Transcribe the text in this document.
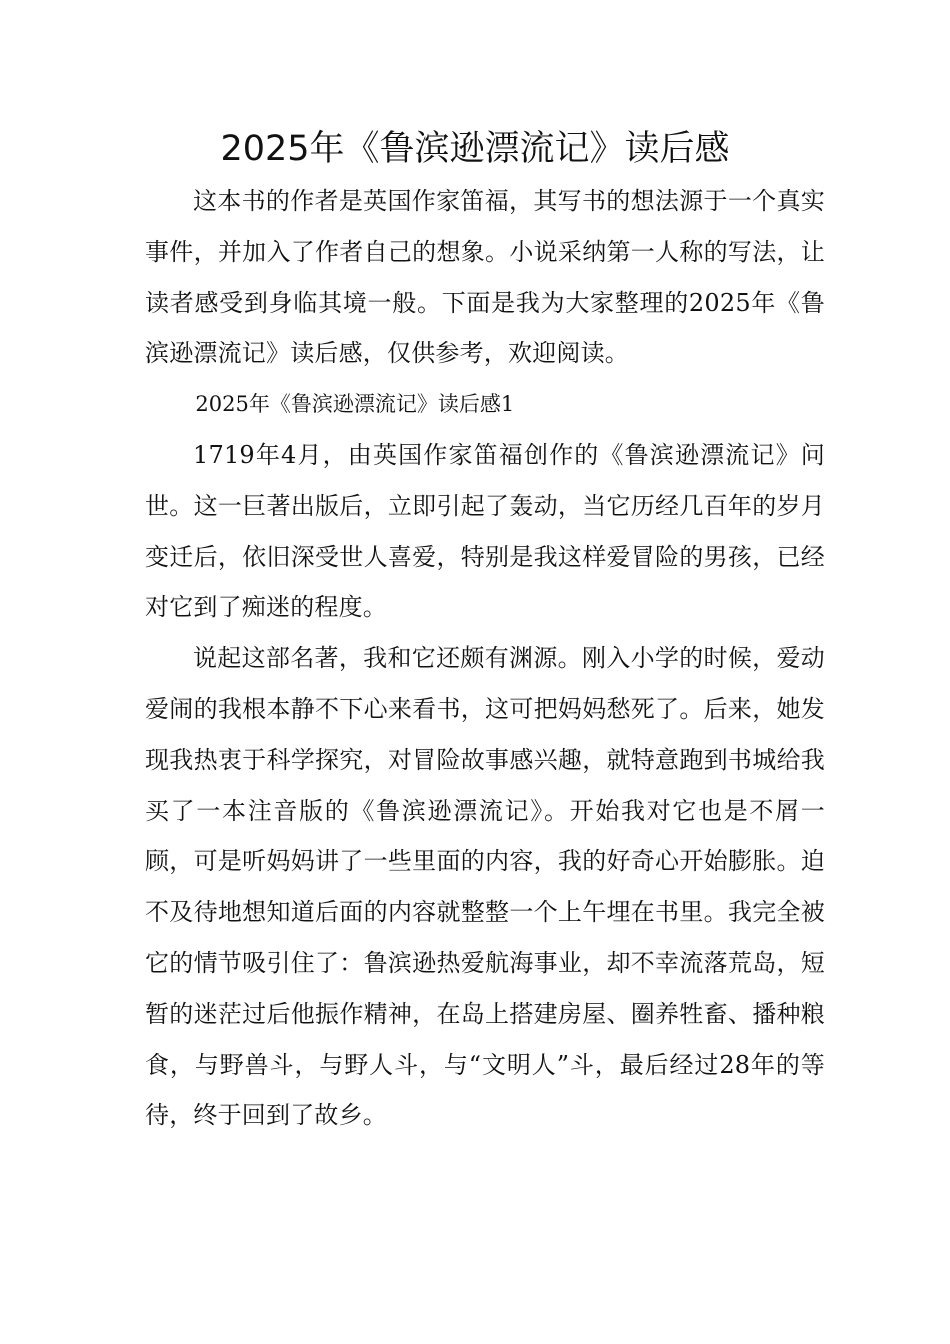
2025年《鲁滨逊漂流记》读后感

这本书的作者是英国作家笛福，其写书的想法源于一个真实事件，并加入了作者自己的想象。小说采纳第一人称的写法，让读者感受到身临其境一般。下面是我为大家整理的2025年《鲁滨逊漂流记》读后感，仅供参考，欢迎阅读。

2025年《鲁滨逊漂流记》读后感1

1719年4月，由英国作家笛福创作的《鲁滨逊漂流记》问世。这一巨著出版后，立即引起了轰动，当它历经几百年的岁月变迁后，依旧深受世人喜爱，特别是我这样爱冒险的男孩，已经对它到了痴迷的程度。

说起这部名著，我和它还颇有渊源。刚入小学的时候，爱动爱闹的我根本静不下心来看书，这可把妈妈愁死了。后来，她发现我热衷于科学探究，对冒险故事感兴趣，就特意跑到书城给我买了一本注音版的《鲁滨逊漂流记》。开始我对它也是不屑一顾，可是听妈妈讲了一些里面的内容，我的好奇心开始膨胀。迫不及待地想知道后面的内容就整整一个上午埋在书里。我完全被它的情节吸引住了：鲁滨逊热爱航海事业，却不幸流落荒岛，短暂的迷茫过后他振作精神，在岛上搭建房屋、圈养牲畜、播种粮食，与野兽斗，与野人斗，与“文明人”斗，最后经过28年的等待，终于回到了故乡。
